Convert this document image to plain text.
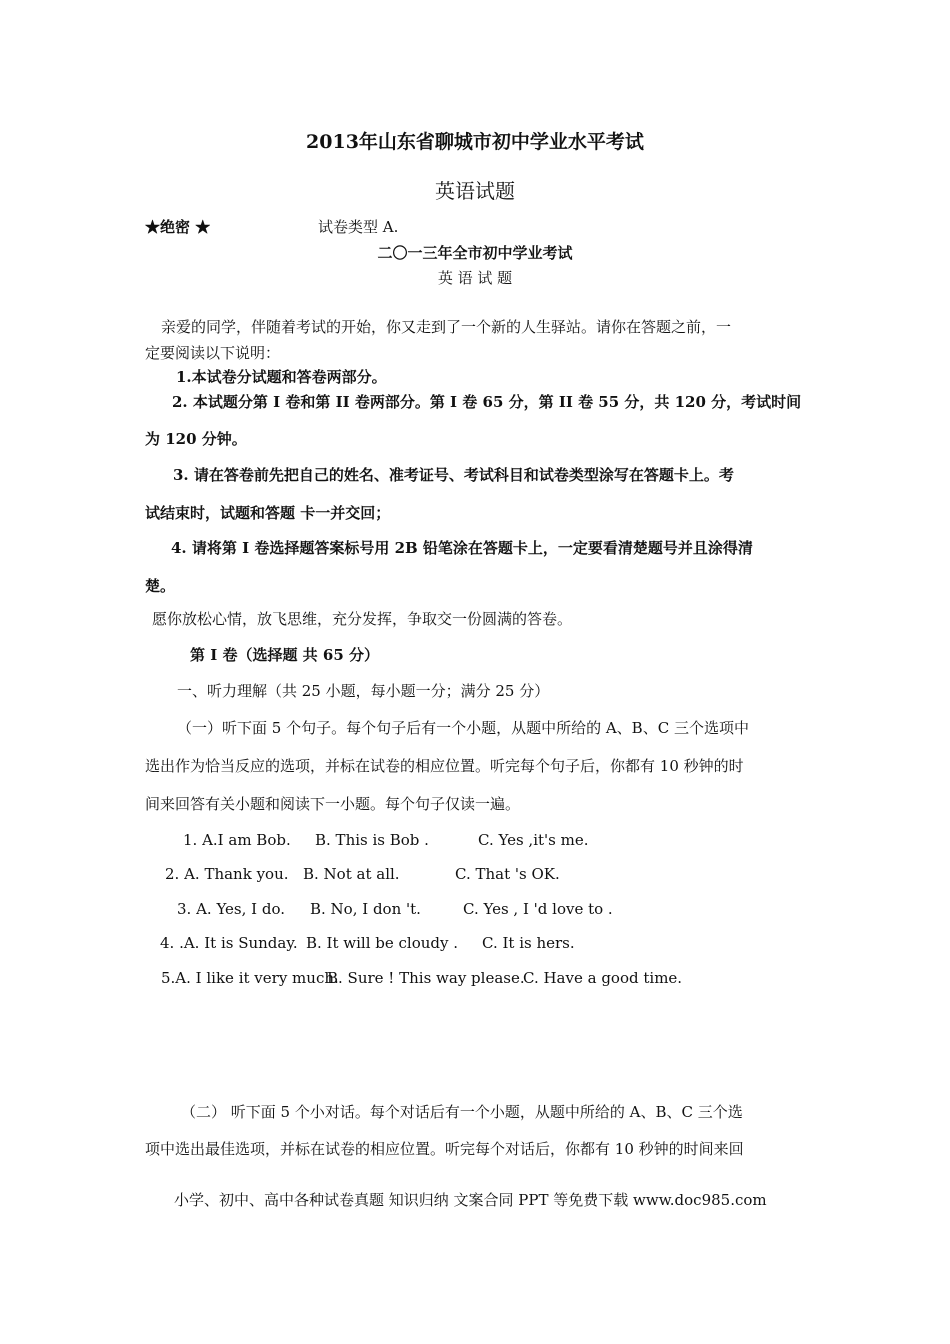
2013年山东省聊城市初中学业水平考试
英语试题
★绝密 ★	试卷类型 A.
二〇一三年全市初中学业考试
英 语 试 题
亲爱的同学，伴随着考试的开始，你又走到了一个新的人生驿站。请你在答题之前，一
定要阅读以下说明：
1.本试卷分试题和答卷两部分。
2. 本试题分第 I 卷和第 II 卷两部分。第 I 卷 65 分，第 II 卷 55 分，共 120 分，考试时间
为 120 分钟。
3. 请在答卷前先把自己的姓名、准考证号、考试科目和试卷类型涂写在答题卡上。考
试结束时，试题和答题 卡一并交回；
4. 请将第 I 卷选择题答案标号用 2B 铅笔涂在答题卡上，一定要看清楚题号并且涂得清
楚。
愿你放松心情，放飞思维，充分发挥，争取交一份圆满的答卷。
第 I 卷（选择题 共 65 分）
一、听力理解（共 25 小题，每小题一分；满分 25 分）
（一）听下面 5 个句子。每个句子后有一个小题，从题中所给的 A、B、C 三个选项中
选出作为恰当反应的选项，并标在试卷的相应位置。听完每个句子后，你都有 10 秒钟的时
间来回答有关小题和阅读下一小题。每个句子仅读一遍。
1. A.I am Bob. B. This is Bob .	C. Yes ,it's me.
2. A. Thank you. B. Not at all.	C. That 's OK.
3. A. Yes, I do. B. No, I don 't.	C. Yes , I 'd love to .
4. .A. It is Sunday. B. It will be cloudy . C. It is hers.
5.A. I like it very much.
B. Sure ! This way please.
C. Have a good time.
（二） 听下面 5 个小对话。每个对话后有一个小题，从题中所给的 A、B、C 三个选
项中选出最佳选项，并标在试卷的相应位置。听完每个对话后，你都有 10 秒钟的时间来回
小学、初中、高中各种试卷真题 知识归纳 文案合同 PPT 等免费下载 www.doc985.com
